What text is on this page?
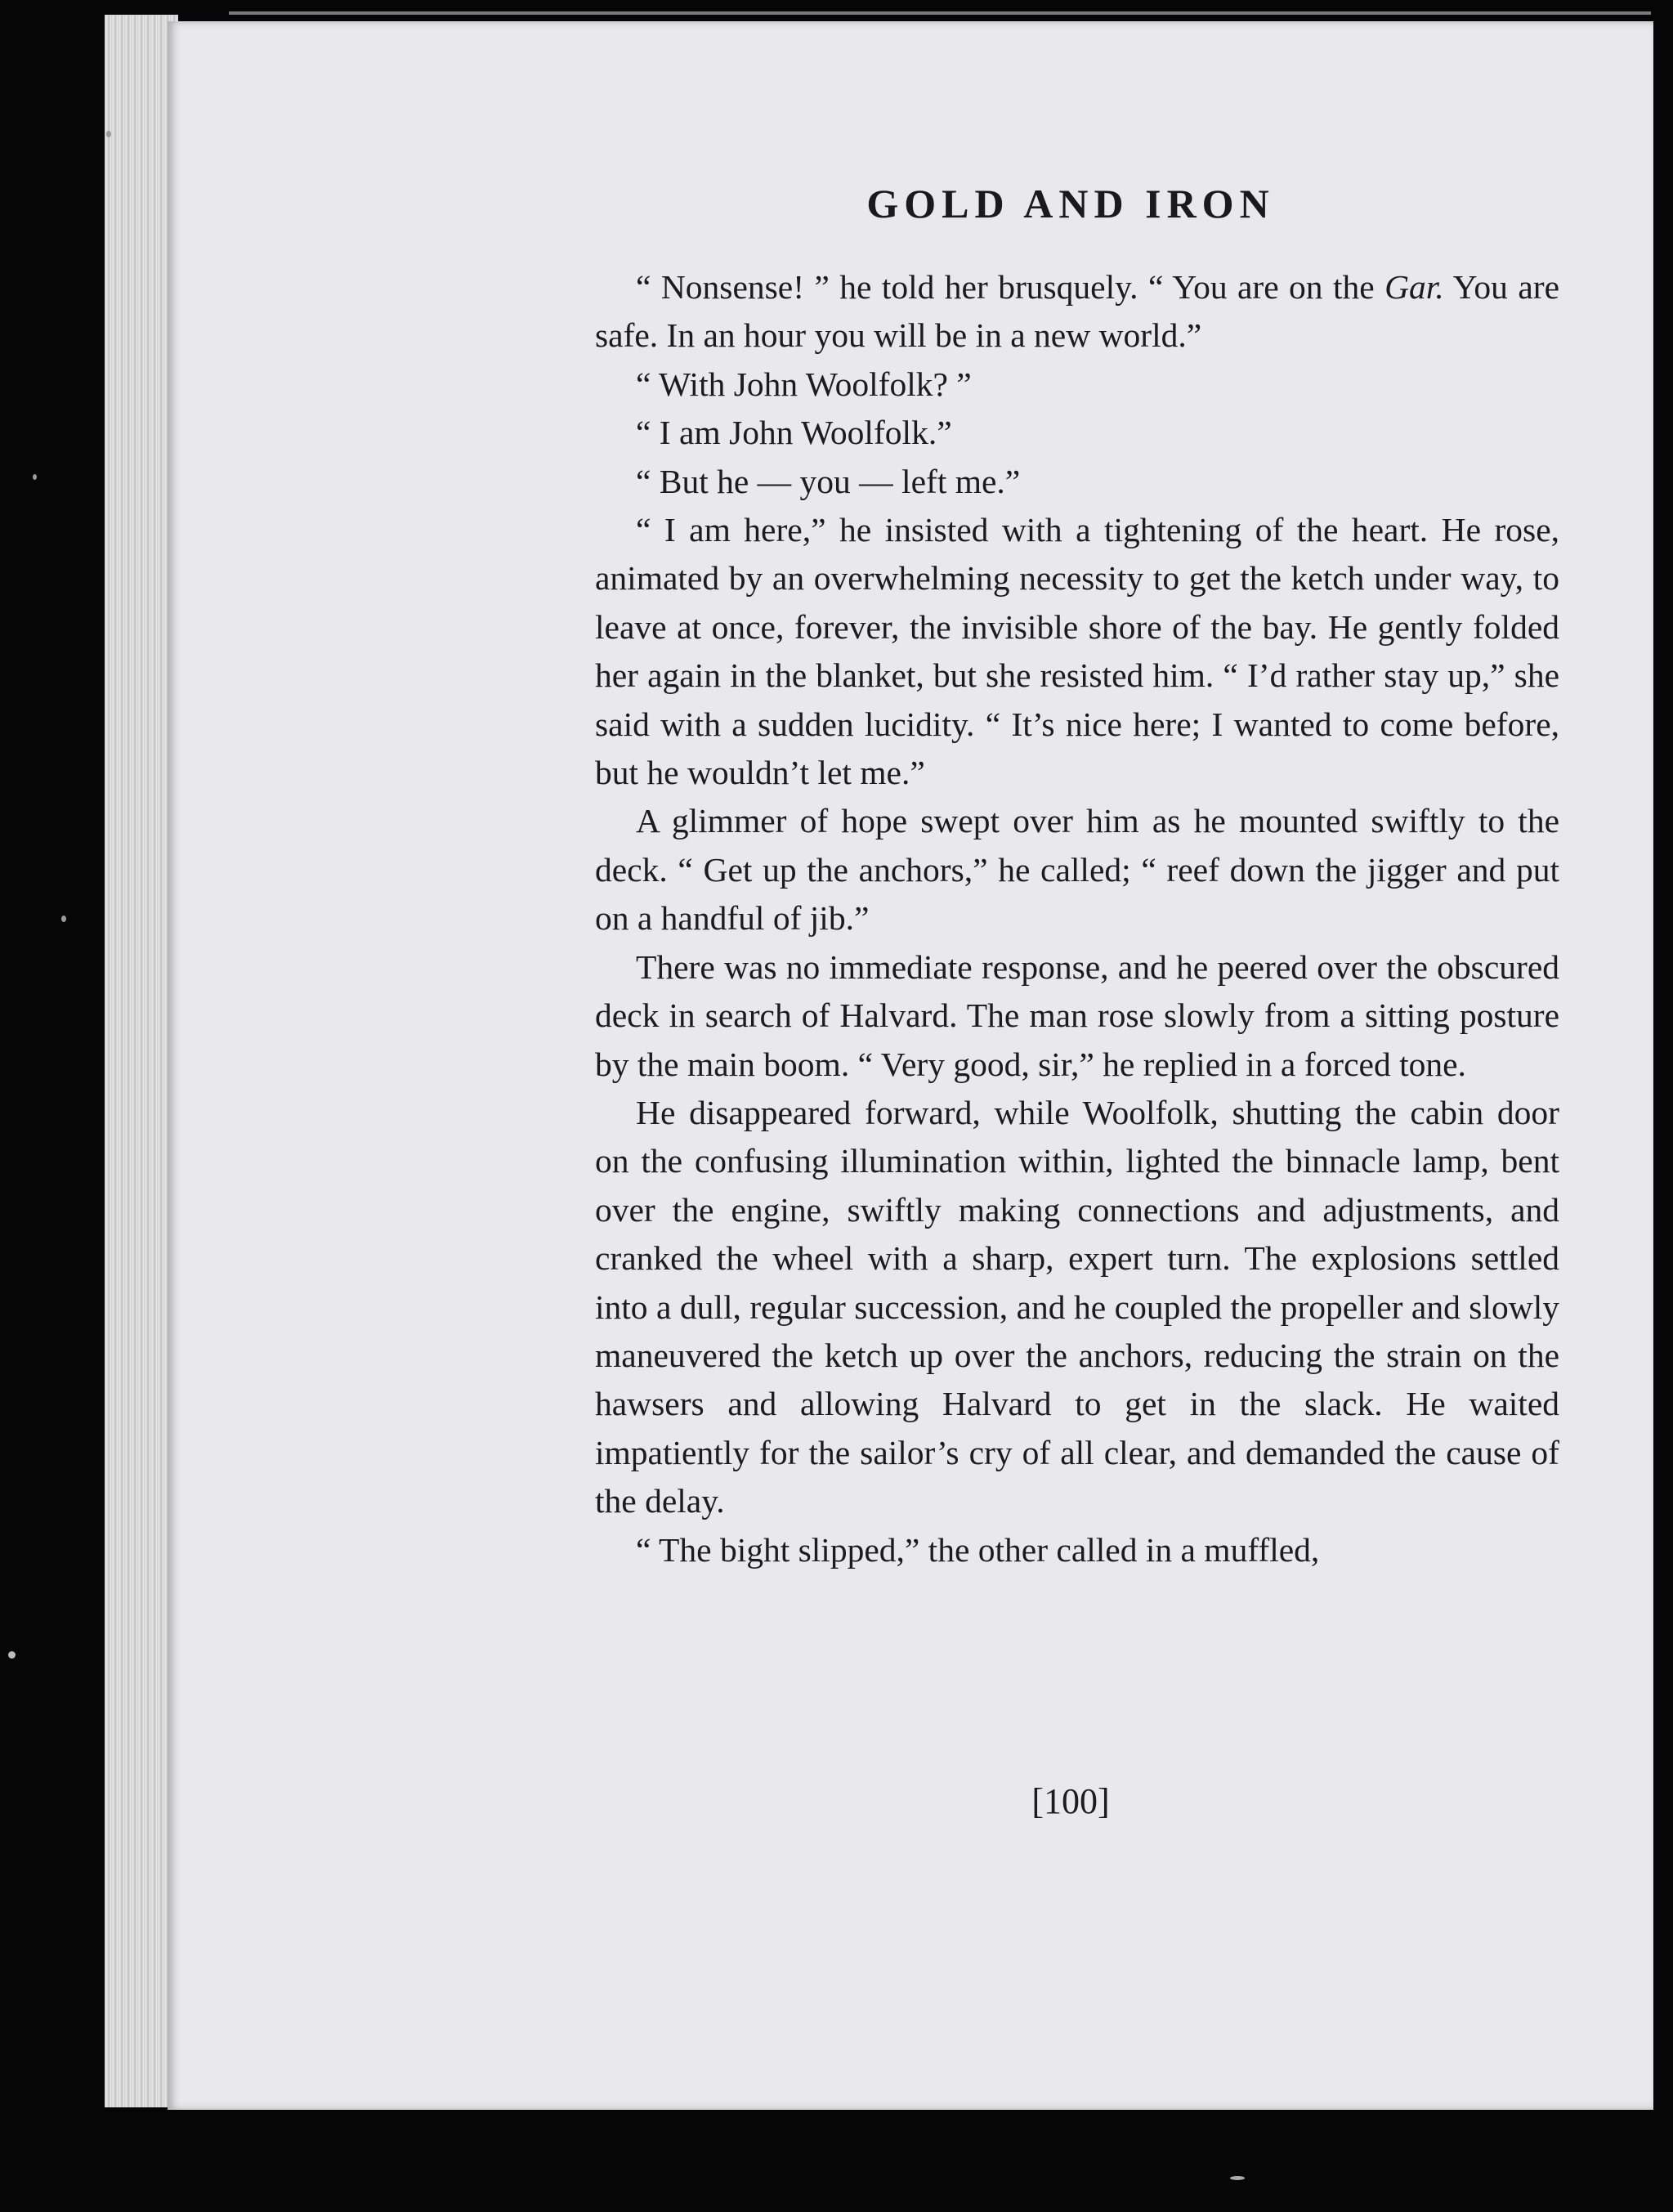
GOLD AND IRON

“ Nonsense! ” he told her brusquely. “ You are on the Gar. You are safe. In an hour you will be in a new world.”

“ With John Woolfolk? ”

“ I am John Woolfolk.”

“ But he — you — left me.”

“ I am here,” he insisted with a tightening of the heart. He rose, animated by an overwhelming necessity to get the ketch under way, to leave at once, forever, the invisible shore of the bay. He gently folded her again in the blanket, but she resisted him. “ I’d rather stay up,” she said with a sudden lucidity. “ It’s nice here; I wanted to come before, but he wouldn’t let me.”

A glimmer of hope swept over him as he mounted swiftly to the deck. “ Get up the anchors,” he called; “ reef down the jigger and put on a handful of jib.”

There was no immediate response, and he peered over the obscured deck in search of Halvard. The man rose slowly from a sitting posture by the main boom. “ Very good, sir,” he replied in a forced tone.

He disappeared forward, while Woolfolk, shutting the cabin door on the confusing illumination within, lighted the binnacle lamp, bent over the engine, swiftly making connections and adjustments, and cranked the wheel with a sharp, expert turn. The explosions settled into a dull, regular succession, and he coupled the propeller and slowly maneuvered the ketch up over the anchors, reducing the strain on the hawsers and allowing Halvard to get in the slack. He waited impatiently for the sailor’s cry of all clear, and demanded the cause of the delay.

“ The bight slipped,” the other called in a muffled,

[100]
